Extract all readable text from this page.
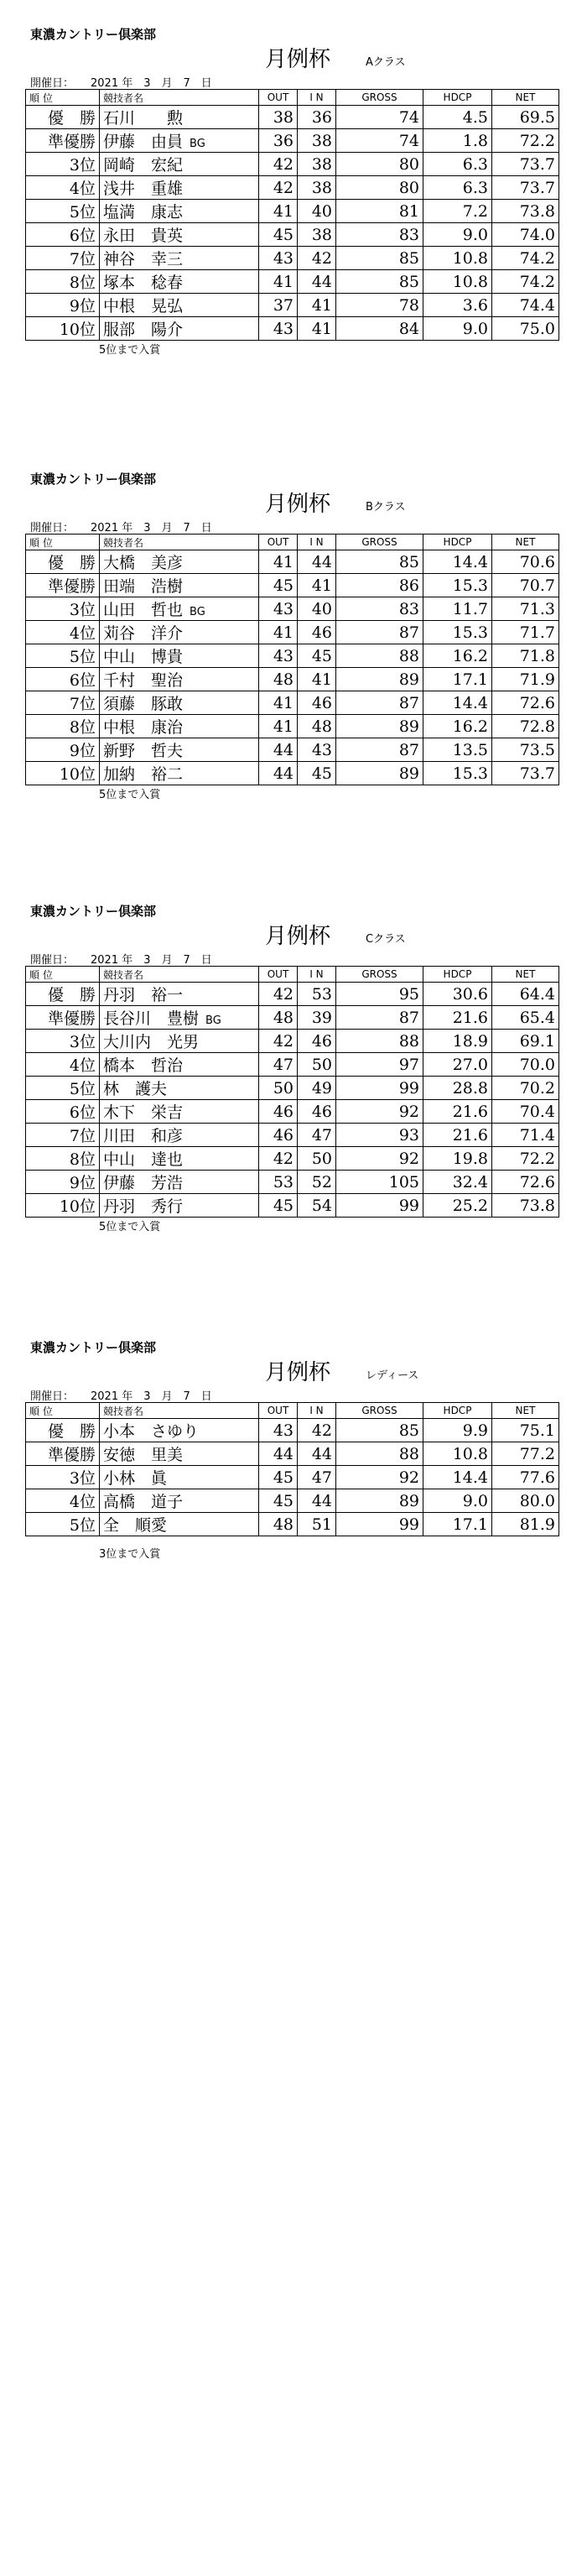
東濃カントリー倶楽部
月例杯	Aクラス
開催日： 2021 年　3　月　7　日
順 位	競技者名	OUT	I N	GROSS	HDCP	NET
優　勝	石川　　勲	38	36	74	4.5	69.5
準優勝	伊藤　由員 BG	36	38	74	1.8	72.2
3位	岡崎　宏紀	42	38	80	6.3	73.7
4位	浅井　重雄	42	38	80	6.3	73.7
5位	塩満　康志	41	40	81	7.2	73.8
6位	永田　貴英	45	38	83	9.0	74.0
7位	神谷　幸三	43	42	85	10.8	74.2
8位	塚本　稔春	41	44	85	10.8	74.2
9位	中根　晃弘	37	41	78	3.6	74.4
10位	服部　陽介	43	41	84	9.0	75.0
5位まで入賞
東濃カントリー倶楽部
月例杯	Bクラス
開催日： 2021 年　3　月　7　日
順 位	競技者名	OUT	I N	GROSS	HDCP	NET
優　勝	大橋　美彦	41	44	85	14.4	70.6
準優勝	田端　浩樹	45	41	86	15.3	70.7
3位	山田　哲也 BG	43	40	83	11.7	71.3
4位	苅谷　洋介	41	46	87	15.3	71.7
5位	中山　博貴	43	45	88	16.2	71.8
6位	千村　聖治	48	41	89	17.1	71.9
7位	須藤　豚敢	41	46	87	14.4	72.6
8位	中根　康治	41	48	89	16.2	72.8
9位	新野　哲夫	44	43	87	13.5	73.5
10位	加納　裕二	44	45	89	15.3	73.7
5位まで入賞
東濃カントリー倶楽部
月例杯	Cクラス
開催日： 2021 年　3　月　7　日
順 位	競技者名	OUT	I N	GROSS	HDCP	NET
優　勝	丹羽　裕一	42	53	95	30.6	64.4
準優勝	長谷川　豊樹 BG	48	39	87	21.6	65.4
3位	大川内　光男	42	46	88	18.9	69.1
4位	橋本　哲治	47	50	97	27.0	70.0
5位	林　護夫	50	49	99	28.8	70.2
6位	木下　栄吉	46	46	92	21.6	70.4
7位	川田　和彦	46	47	93	21.6	71.4
8位	中山　達也	42	50	92	19.8	72.2
9位	伊藤　芳浩	53	52	105	32.4	72.6
10位	丹羽　秀行	45	54	99	25.2	73.8
5位まで入賞
東濃カントリー倶楽部
月例杯	レディース
開催日： 2021 年　3　月　7　日
順 位	競技者名	OUT	I N	GROSS	HDCP	NET
優　勝	小本　さゆり	43	42	85	9.9	75.1
準優勝	安徳　里美	44	44	88	10.8	77.2
3位	小林　眞	45	47	92	14.4	77.6
4位	高橋　道子	45	44	89	9.0	80.0
5位	全　順愛	48	51	99	17.1	81.9
3位まで入賞
